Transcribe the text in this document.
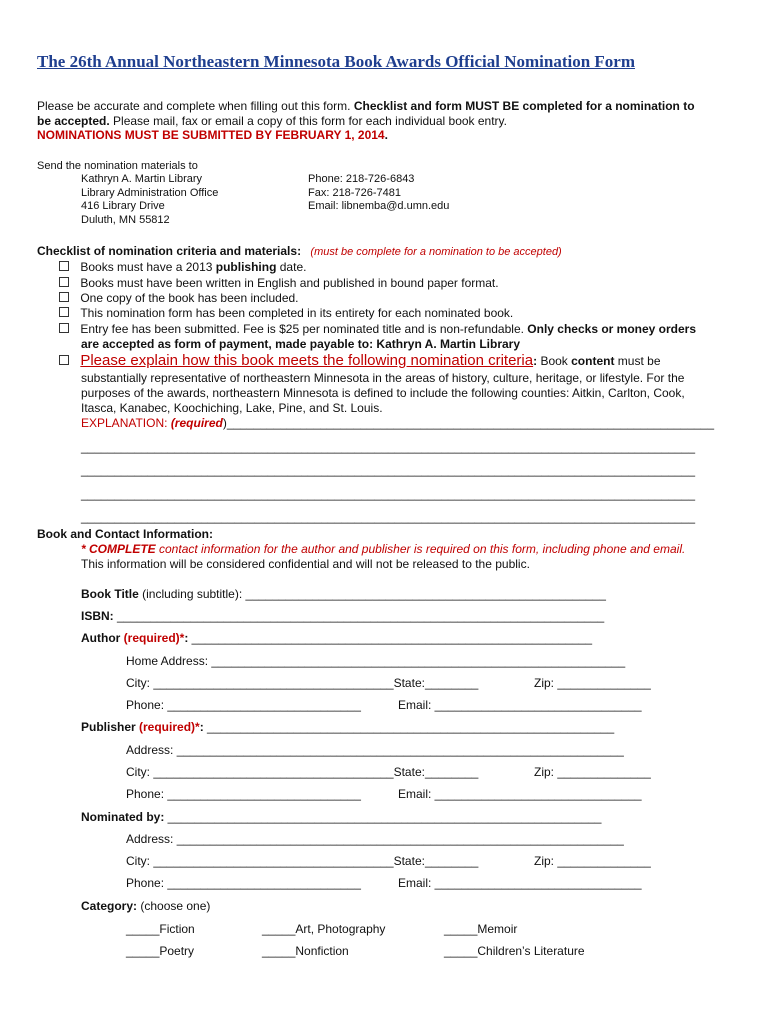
The 26th Annual Northeastern Minnesota Book Awards Official Nomination Form
Please be accurate and complete when filling out this form. Checklist and form MUST BE completed for a nomination to
be accepted. Please mail, fax or email a copy of this form for each individual book entry.
NOMINATIONS MUST BE SUBMITTED BY FEBRUARY 1, 2014.
Send the nomination materials to
Kathryn A. Martin Library
Library Administration Office
416 Library Drive
Duluth, MN 55812
Phone: 218-726-6843
Fax: 218-726-7481
Email: libnemba@d.umn.edu
Checklist of nomination criteria and materials: (must be complete for a nomination to be accepted)
Books must have a 2013 publishing date.
Books must have been written in English and published in bound paper format.
One copy of the book has been included.
This nomination form has been completed in its entirety for each nominated book.
Entry fee has been submitted. Fee is $25 per nominated title and is non-refundable. Only checks or money orders
are accepted as form of payment, made payable to: Kathryn A. Martin Library
Please explain how this book meets the following nomination criteria: Book content must be
substantially representative of northeastern Minnesota in the areas of history, culture, heritage, or lifestyle. For the
purposes of the awards, northeastern Minnesota is defined to include the following counties: Aitkin, Carlton, Cook,
Itasca, Kanabec, Koochiching, Lake, Pine, and St. Louis.
EXPLANATION: (required)_________________________________________________________________________
____________________________________________________________________________________________
____________________________________________________________________________________________
____________________________________________________________________________________________
____________________________________________________________________________________________
Book and Contact Information:
* COMPLETE contact information for the author and publisher is required on this form, including phone and email.
This information will be considered confidential and will not be released to the public.
Book Title (including subtitle): ______________________________________________________
ISBN: _________________________________________________________________________
Author (required)*: ____________________________________________________________
Home Address: ______________________________________________________________
City: ____________________________________State:________	Zip: ______________
Phone: _____________________________	Email: _______________________________
Publisher (required)*: _____________________________________________________________
Address: ___________________________________________________________________
City: ____________________________________State:________	Zip: ______________
Phone: _____________________________	Email: _______________________________
Nominated by: _________________________________________________________________
Address: ___________________________________________________________________
City: ____________________________________State:________	Zip: ______________
Phone: _____________________________	Email: _______________________________
Category: (choose one)
_____Fiction	_____Art, Photography	_____Memoir
_____Poetry	_____Nonfiction	_____Children’s Literature
